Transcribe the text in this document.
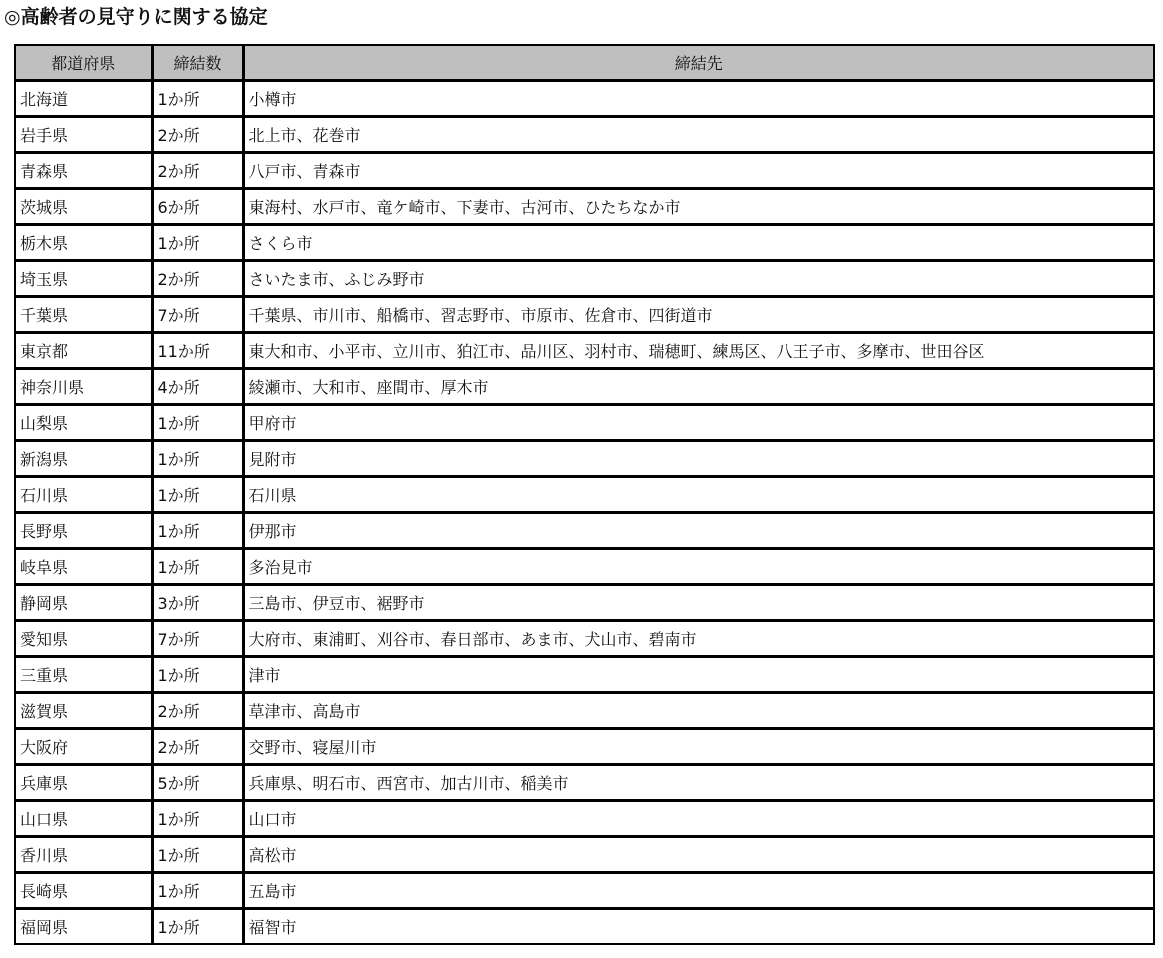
◎高齢者の見守りに関する協定
都道府県	締結数	締結先
北海道	1か所	小樽市
岩手県	2か所	北上市、花巻市
青森県	2か所	八戸市、青森市
茨城県	6か所	東海村、水戸市、竜ケ崎市、下妻市、古河市、ひたちなか市
栃木県	1か所	さくら市
埼玉県	2か所	さいたま市、ふじみ野市
千葉県	7か所	千葉県、市川市、船橋市、習志野市、市原市、佐倉市、四街道市
東京都	11か所	東大和市、小平市、立川市、狛江市、品川区、羽村市、瑞穂町、練馬区、八王子市、多摩市、世田谷区
神奈川県	4か所	綾瀬市、大和市、座間市、厚木市
山梨県	1か所	甲府市
新潟県	1か所	見附市
石川県	1か所	石川県
長野県	1か所	伊那市
岐阜県	1か所	多治見市
静岡県	3か所	三島市、伊豆市、裾野市
愛知県	7か所	大府市、東浦町、刈谷市、春日部市、あま市、犬山市、碧南市
三重県	1か所	津市
滋賀県	2か所	草津市、高島市
大阪府	2か所	交野市、寝屋川市
兵庫県	5か所	兵庫県、明石市、西宮市、加古川市、稲美市
山口県	1か所	山口市
香川県	1か所	高松市
長崎県	1か所	五島市
福岡県	1か所	福智市
